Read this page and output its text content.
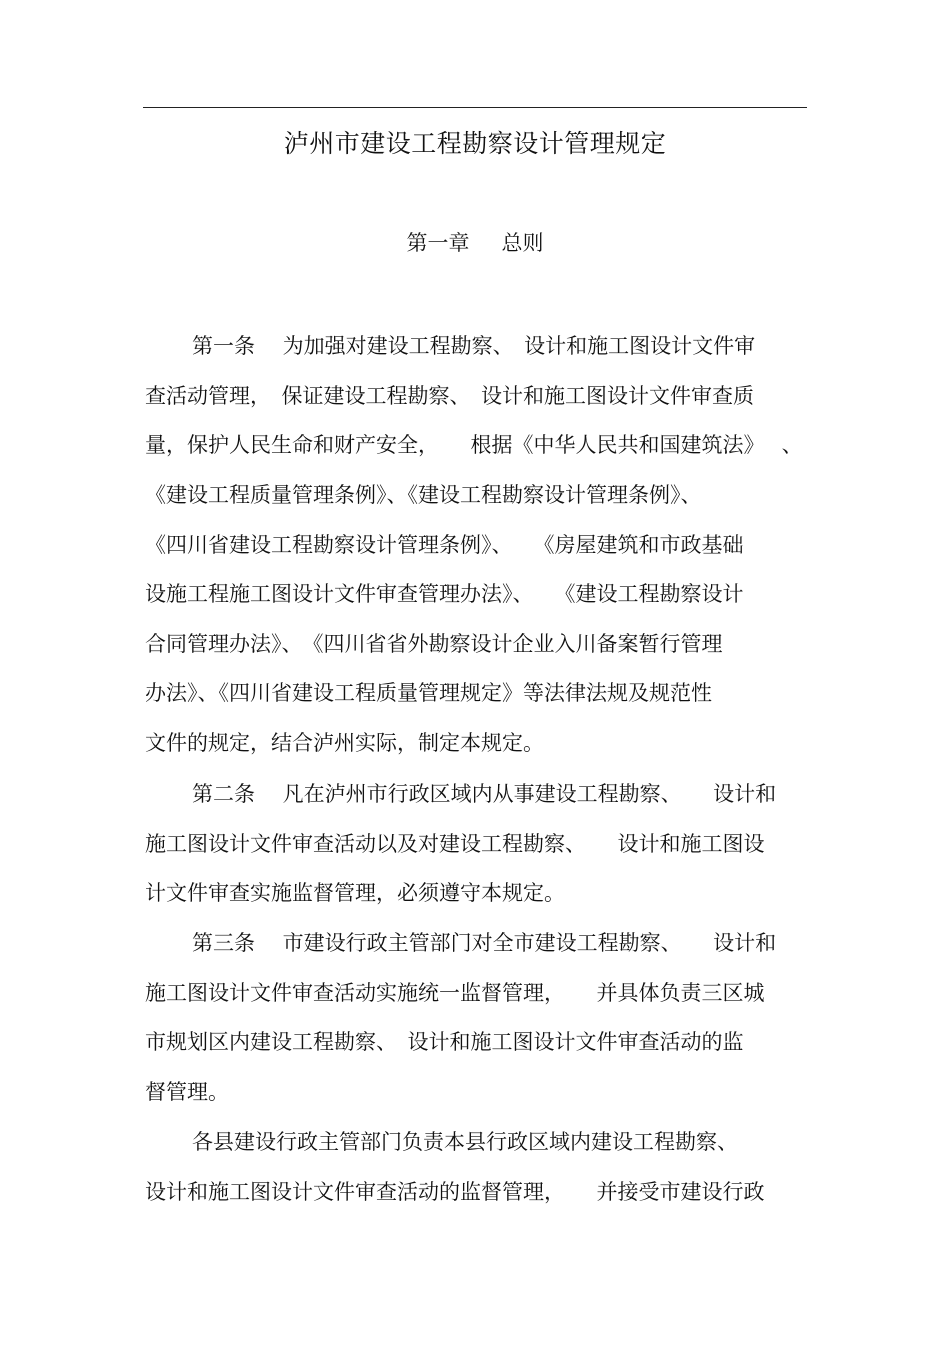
泸州市建设工程勘察设计管理规定
第一章 总则
第一条　 为加强对建设工程勘察、　设计和施工图设计文件审
查活动管理，　保证建设工程勘察、　设计和施工图设计文件审查质
量，保护人民生命和财产安全，　　根据《中华人民共和国建筑法》　 、
《建设工程质量管理条例》、《建设工程勘察设计管理条例》、
《四川省建设工程勘察设计管理条例》、　　《房屋建筑和市政基础
设施工程施工图设计文件审查管理办法》、　　《建设工程勘察设计
合同管理办法》、　《四川省省外勘察设计企业入川备案暂行管理
办法》、《四川省建设工程质量管理规定》等法律法规及规范性
文件的规定，结合泸州实际，制定本规定。
第二条　 凡在泸州市行政区域内从事建设工程勘察、　　设计和
施工图设计文件审查活动以及对建设工程勘察、　　设计和施工图设
计文件审查实施监督管理，必须遵守本规定。
第三条　 市建设行政主管部门对全市建设工程勘察、　　设计和
施工图设计文件审查活动实施统一监督管理，　　并具体负责三区城
市规划区内建设工程勘察、　设计和施工图设计文件审查活动的监
督管理。
各县建设行政主管部门负责本县行政区域内建设工程勘察、
设计和施工图设计文件审查活动的监督管理，　　并接受市建设行政
